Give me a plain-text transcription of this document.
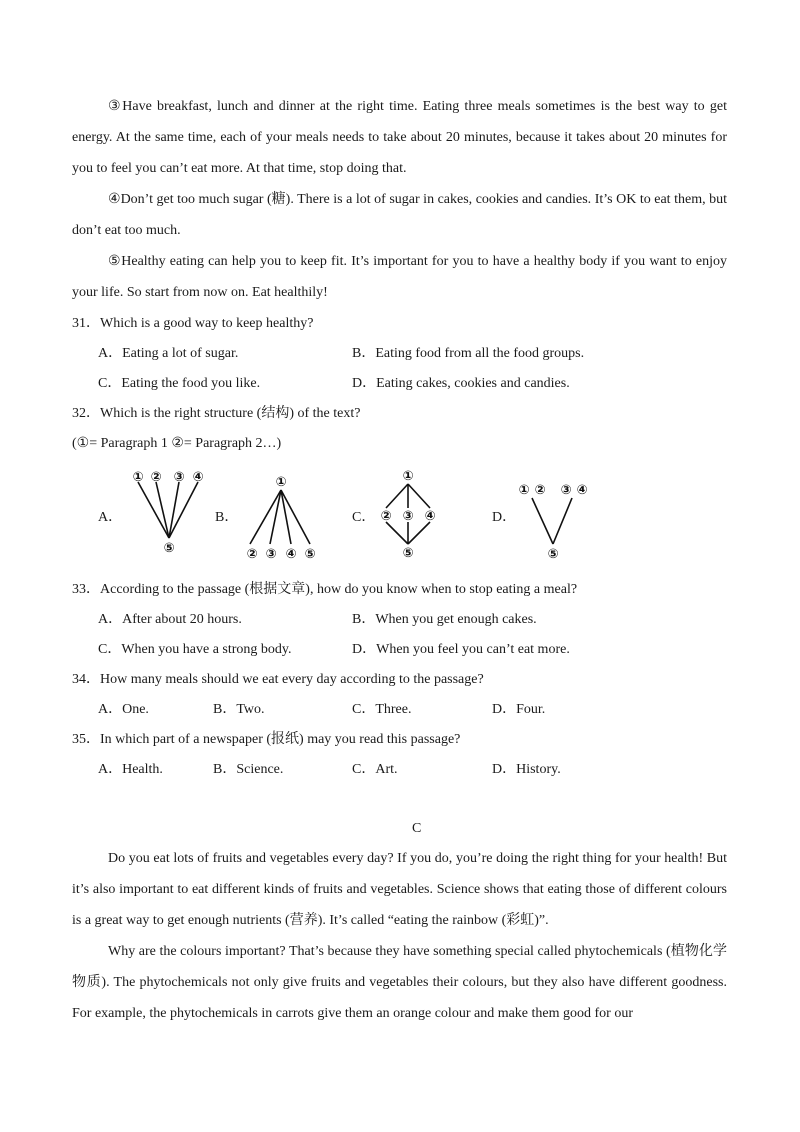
③Have breakfast, lunch and dinner at the right time. Eating three meals sometimes is the best way to get energy. At the same time, each of your meals needs to take about 20 minutes, because it takes about 20 minutes for you to feel you can’t eat more. At that time, stop doing that.

④Don’t get too much sugar (糖). There is a lot of sugar in cakes, cookies and candies. It’s OK to eat them, but don’t eat too much.

⑤Healthy eating can help you to keep fit. It’s important for you to have a healthy body if you want to enjoy your life. So start from now on. Eat healthily!

31．Which is a good way to keep healthy?
A．Eating a lot of sugar.	B．Eating food from all the food groups.
C．Eating the food you like.	D．Eating cakes, cookies and candies.
32．Which is the right structure (结构) of the text?
(①= Paragraph 1 ②= Paragraph 2…)
A．	B．	C．	D．
① ② ③ ④
⑤
①
② ③ ④ ⑤
①
② ③ ④
⑤
① ② ③ ④
⑤
33．According to the passage (根据文章), how do you know when to stop eating a meal?
A．After about 20 hours.	B．When you get enough cakes.
C．When you have a strong body.	D．When you feel you can’t eat more.
34．How many meals should we eat every day according to the passage?
A．One.	B．Two.	C．Three.	D．Four.
35．In which part of a newspaper (报纸) may you read this passage?
A．Health.	B．Science.	C．Art.	D．History.
C

Do you eat lots of fruits and vegetables every day? If you do, you’re doing the right thing for your health! But it’s also important to eat different kinds of fruits and vegetables. Science shows that eating those of different colours is a great way to get enough nutrients (营养). It’s called “eating the rainbow (彩虹)”.

Why are the colours important? That’s because they have something special called phytochemicals (植物化学物质). The phytochemicals not only give fruits and vegetables their colours, but they also have different goodness. For example, the phytochemicals in carrots give them an orange colour and make them good for our
